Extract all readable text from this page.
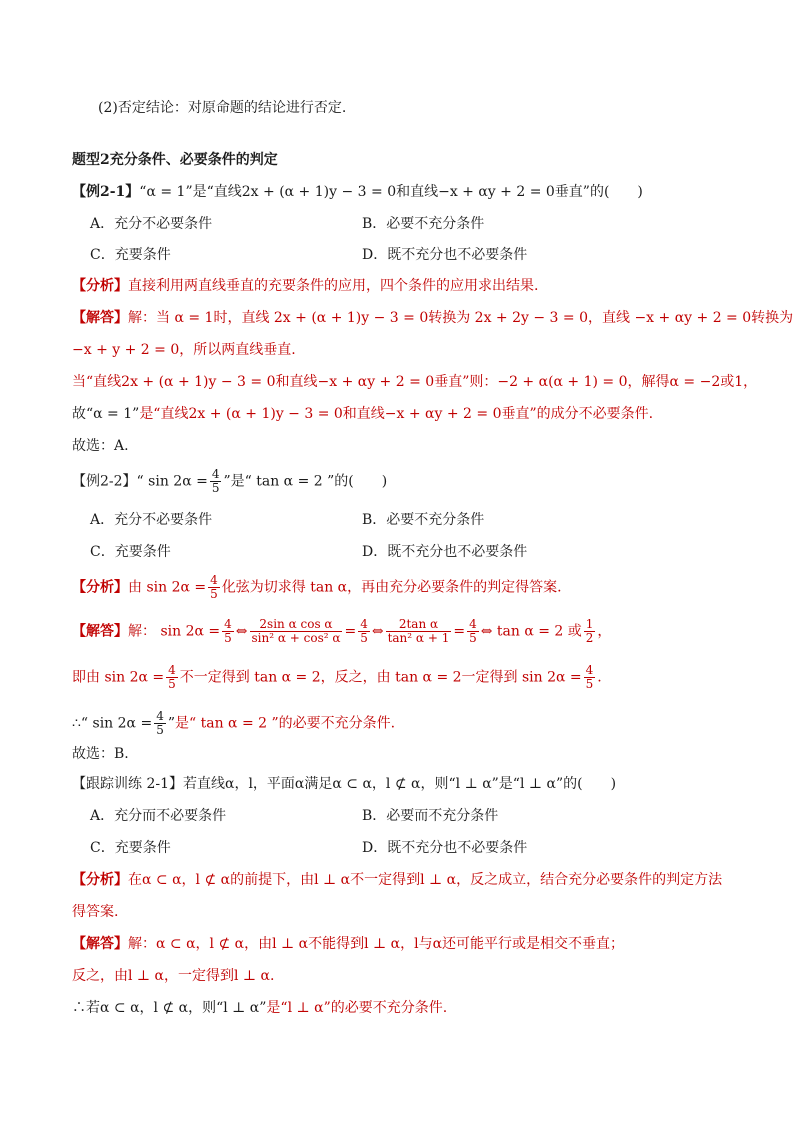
(2)否定结论：对原命题的结论进行否定.
题型2充分条件、必要条件的判定
【例2-1】“α = 1”是“直线2x + (α + 1)y − 3 = 0和直线−x + αy + 2 = 0垂直”的(　　)
A．充分不必要条件	B．必要不充分条件
C．充要条件	D．既不充分也不必要条件
【分析】直接利用两直线垂直的充要条件的应用，四个条件的应用求出结果.
【解答】解：当 α = 1时，直线 2x + (α + 1)y − 3 = 0转换为 2x + 2y − 3 = 0，直线 −x + αy + 2 = 0转换为
−x + y + 2 = 0，所以两直线垂直.
当“直线2x + (α + 1)y − 3 = 0和直线−x + αy + 2 = 0垂直”则：−2 + α(α + 1) = 0，解得α = −2或1，
故“α = 1”是“直线2x + (α + 1)y − 3 = 0和直线−x + αy + 2 = 0垂直”的成分不必要条件.
故选：A.
【例2-2】“ $\sin 2\alpha = \frac{4}{5}$ ”是“ tan α = 2 ”的(　　)
A．充分不必要条件	B．必要不充分条件
C．充要条件	D．既不充分也不必要条件
【分析】由 $\sin 2\alpha = \frac{4}{5}$ 化弦为切求得 tan α，再由充分必要条件的判定得答案.
【解答】解： $\sin 2\alpha = \frac{4}{5}$ ⇔ $\frac{\text{2sin α cos α}}{\text{sin² α + cos² α}} = \frac{4}{5}$ ⇔ $\frac{\text{2tan α}}{\text{tan² α + 1}} = \frac{4}{5}$ ⇔ tan α = 2 或 $\frac{1}{2}$ ，
即由 $\sin 2\alpha = \frac{4}{5}$ 不一定得到 tan α = 2，反之，由 tan α = 2一定得到 $\sin 2\alpha = \frac{4}{5}$ .
∴“ $\sin 2\alpha = \frac{4}{5}$ ”是“ tan α = 2 ”的必要不充分条件.
故选：B.
【跟踪训练 2-1】若直线α，l，平面α满足α ⊂ α，l ⊄ α，则“l ⊥ α”是“l ⊥ α”的(　　)
A．充分而不必要条件	B．必要而不充分条件
C．充要条件	D．既不充分也不必要条件
【分析】在α ⊂ α，l ⊄ α的前提下，由l ⊥ α不一定得到l ⊥ α，反之成立，结合充分必要条件的判定方法
得答案.
【解答】解：α ⊂ α，l ⊄ α，由l ⊥ α不能得到l ⊥ α，l与α还可能平行或是相交不垂直；
反之，由l ⊥ α，一定得到l ⊥ α.
∴若α ⊂ α，l ⊄ α，则“l ⊥ α”是“l ⊥ α”的必要不充分条件.
